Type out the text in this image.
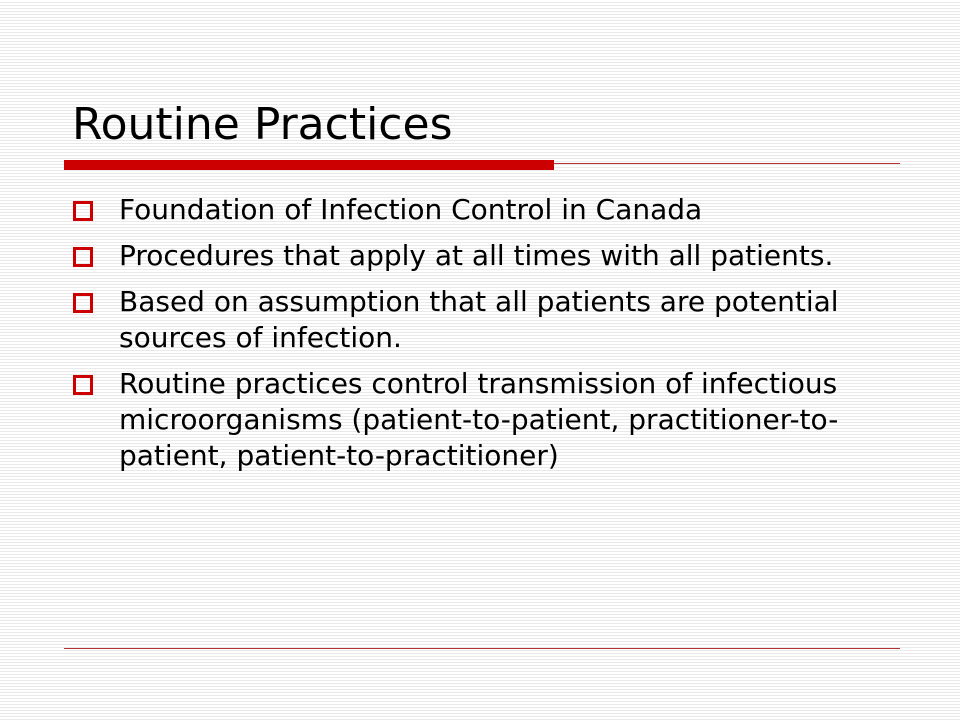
Routine Practices
Foundation of Infection Control in Canada
Procedures that apply at all times with all patients.
Based on assumption that all patients are potential sources of infection.
Routine practices control transmission of infectious microorganisms (patient-to-patient, practitioner-to-patient, patient-to-practitioner)
